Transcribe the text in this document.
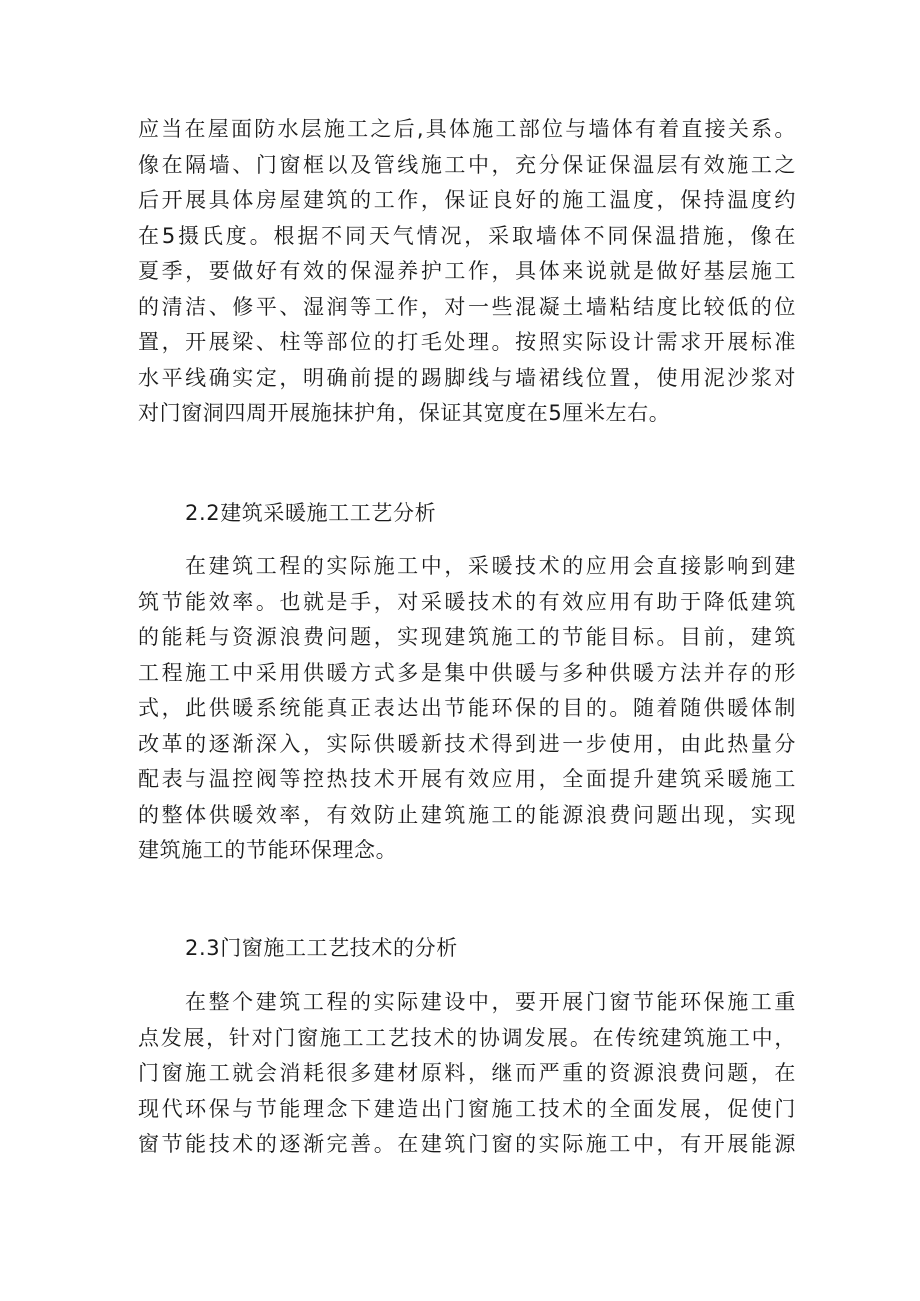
应当在屋面防水层施工之后,具体施工部位与墙体有着直接关系。
像在隔墙、门窗框以及管线施工中，充分保证保温层有效施工之
后开展具体房屋建筑的工作，保证良好的施工温度，保持温度约
在5摄氏度。根据不同天气情况，采取墙体不同保温措施，像在
夏季，要做好有效的保湿养护工作，具体来说就是做好基层施工
的清洁、修平、湿润等工作，对一些混凝土墙粘结度比较低的位
置，开展梁、柱等部位的打毛处理。按照实际设计需求开展标准
水平线确实定，明确前提的踢脚线与墙裙线位置，使用泥沙浆对
对门窗洞四周开展施抹护角，保证其宽度在5厘米左右。
2.2建筑采暖施工工艺分析
在建筑工程的实际施工中，采暖技术的应用会直接影响到建
筑节能效率。也就是手，对采暖技术的有效应用有助于降低建筑
的能耗与资源浪费问题，实现建筑施工的节能目标。目前，建筑
工程施工中采用供暖方式多是集中供暖与多种供暖方法并存的形
式，此供暖系统能真正表达出节能环保的目的。随着随供暖体制
改革的逐渐深入，实际供暖新技术得到进一步使用，由此热量分
配表与温控阀等控热技术开展有效应用，全面提升建筑采暖施工
的整体供暖效率，有效防止建筑施工的能源浪费问题出现，实现
建筑施工的节能环保理念。
2.3门窗施工工艺技术的分析
在整个建筑工程的实际建设中，要开展门窗节能环保施工重
点发展，针对门窗施工工艺技术的协调发展。在传统建筑施工中，
门窗施工就会消耗很多建材原料，继而严重的资源浪费问题，在
现代环保与节能理念下建造出门窗施工技术的全面发展，促使门
窗节能技术的逐渐完善。在建筑门窗的实际施工中，有开展能源
